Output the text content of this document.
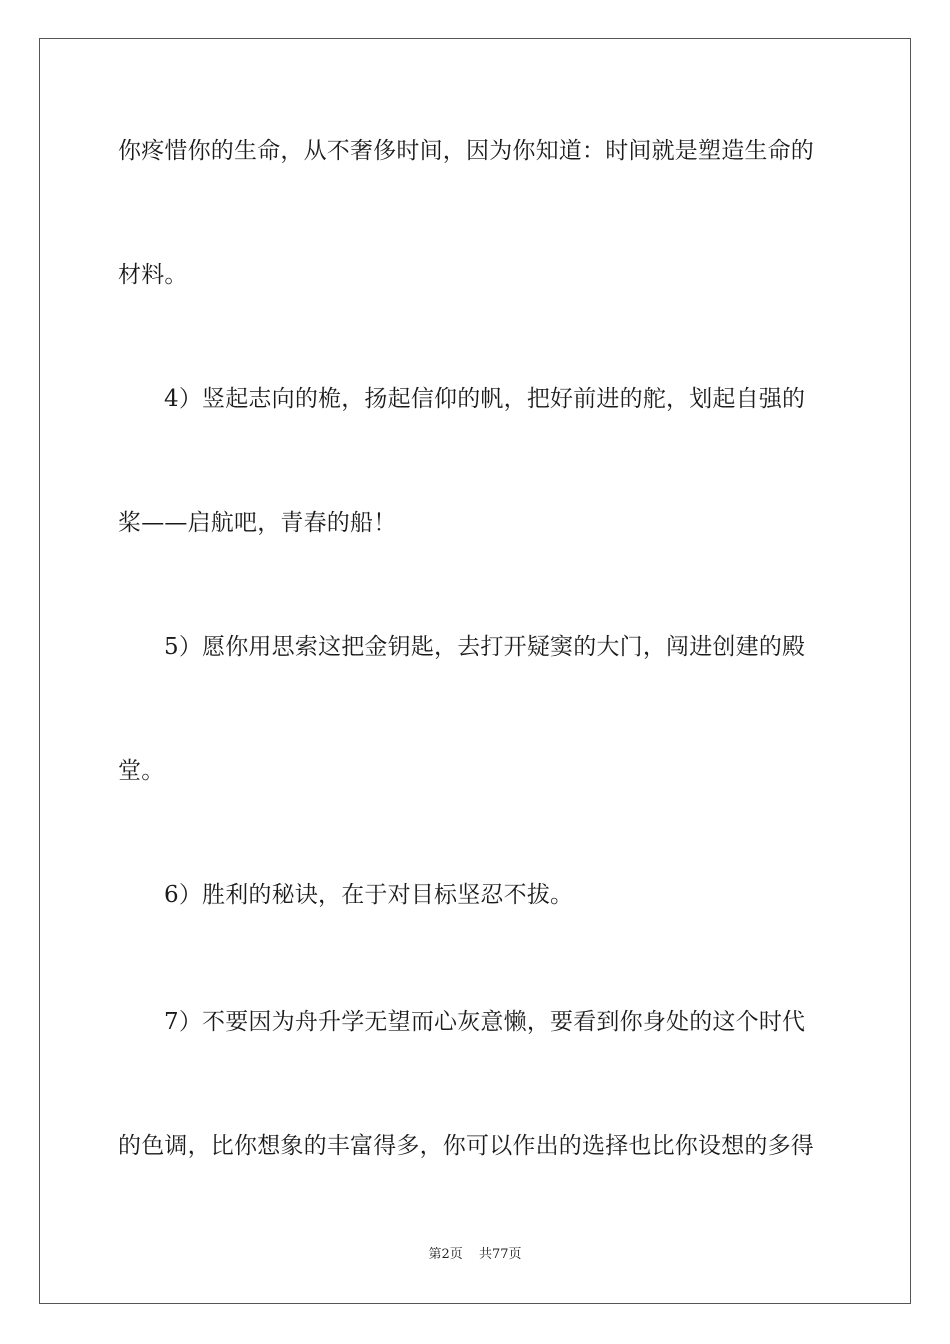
你疼惜你的生命，从不奢侈时间，因为你知道：时间就是塑造生命的
材料。
4）竖起志向的桅，扬起信仰的帆，把好前进的舵，划起自强的
桨——启航吧，青春的船！
5）愿你用思索这把金钥匙，去打开疑窦的大门，闯进创建的殿
堂。
6）胜利的秘诀，在于对目标坚忍不拔。
7）不要因为舟升学无望而心灰意懒，要看到你身处的这个时代
的色调，比你想象的丰富得多，你可以作出的选择也比你设想的多得
第2页 共77页
